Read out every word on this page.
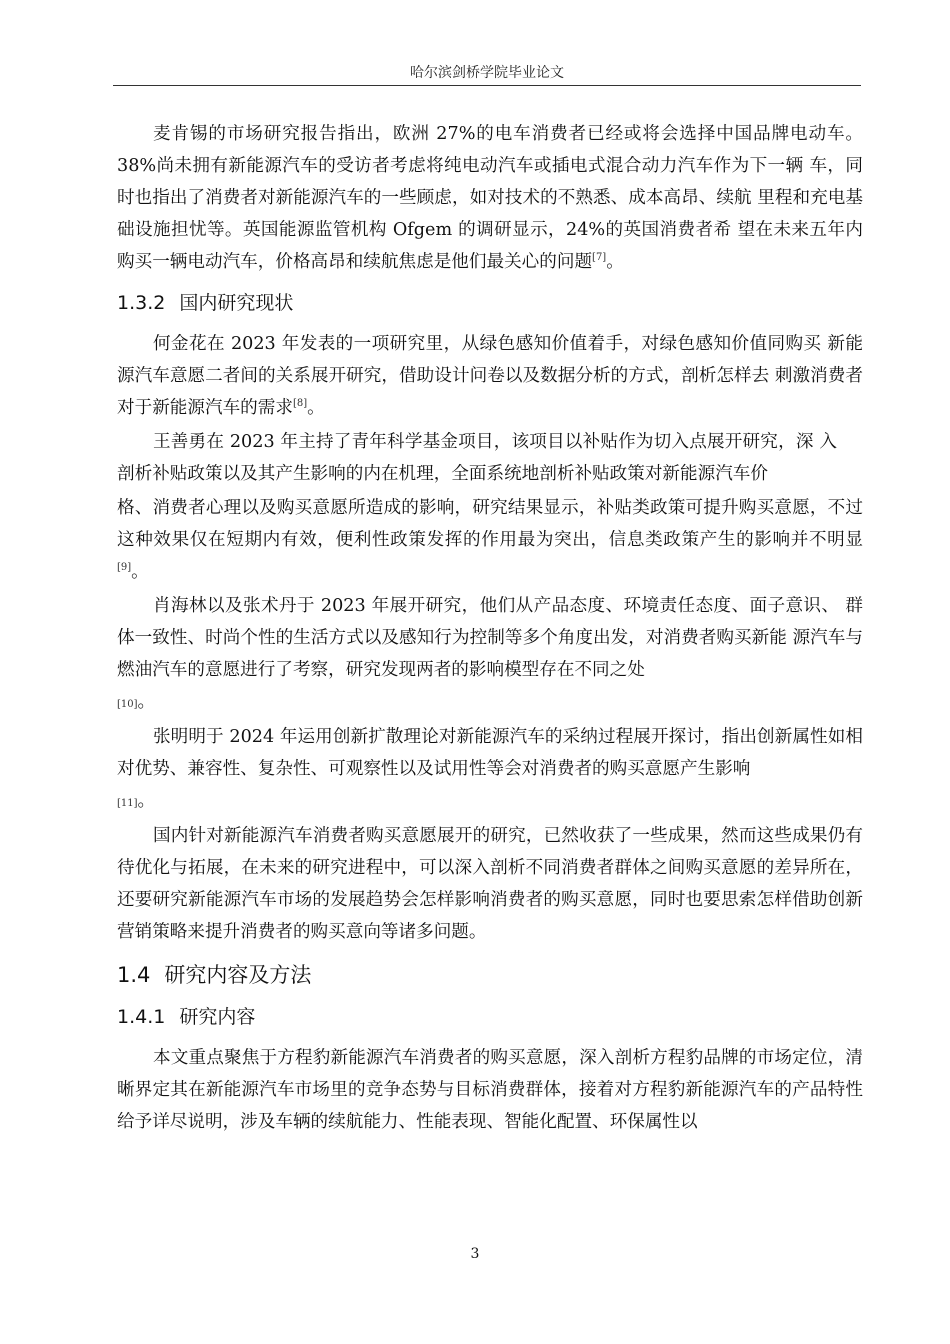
哈尔滨剑桥学院毕业论文

麦肯锡的市场研究报告指出，欧洲 27%的电车消费者已经或将会选择中国品牌电动车。 38%尚未拥有新能源汽车的受访者考虑将纯电动汽车或插电式混合动力汽车作为下一辆 车，同时也指出了消费者对新能源汽车的一些顾虑，如对技术的不熟悉、成本高昂、续航 里程和充电基础设施担忧等。英国能源监管机构 Ofgem 的调研显示，24%的英国消费者希 望在未来五年内购买一辆电动汽车，价格高昂和续航焦虑是他们最关心的问题[7]。

1.3.2 国内研究现状

何金花在 2023 年发表的一项研究里，从绿色感知价值着手，对绿色感知价值同购买 新能源汽车意愿二者间的关系展开研究，借助设计问卷以及数据分析的方式，剖析怎样去 刺激消费者对于新能源汽车的需求[8]。

王善勇在 2023 年主持了青年科学基金项目，该项目以补贴作为切入点展开研究，深 入剖析补贴政策以及其产生影响的内在机理，全面系统地剖析补贴政策对新能源汽车价

格、消费者心理以及购买意愿所造成的影响，研究结果显示，补贴类政策可提升购买意愿，不过这种效果仅在短期内有效，便利性政策发挥的作用最为突出，信息类政策产生的影响并不明显[9]。

肖海林以及张术丹于 2023 年展开研究，他们从产品态度、环境责任态度、面子意识、 群体一致性、时尚个性的生活方式以及感知行为控制等多个角度出发，对消费者购买新能 源汽车与燃油汽车的意愿进行了考察，研究发现两者的影响模型存在不同之处
[10]。

张明明于 2024 年运用创新扩散理论对新能源汽车的采纳过程展开探讨，指出创新属性如相对优势、兼容性、复杂性、可观察性以及试用性等会对消费者的购买意愿产生影响
[11]。

国内针对新能源汽车消费者购买意愿展开的研究，已然收获了一些成果，然而这些成果仍有待优化与拓展，在未来的研究进程中，可以深入剖析不同消费者群体之间购买意愿的差异所在，还要研究新能源汽车市场的发展趋势会怎样影响消费者的购买意愿，同时也要思索怎样借助创新营销策略来提升消费者的购买意向等诸多问题。

1.4 研究内容及方法
1.4.1 研究内容

本文重点聚焦于方程豹新能源汽车消费者的购买意愿，深入剖析方程豹品牌的市场定位，清晰界定其在新能源汽车市场里的竞争态势与目标消费群体，接着对方程豹新能源汽车的产品特性给予详尽说明，涉及车辆的续航能力、性能表现、智能化配置、环保属性以

3
